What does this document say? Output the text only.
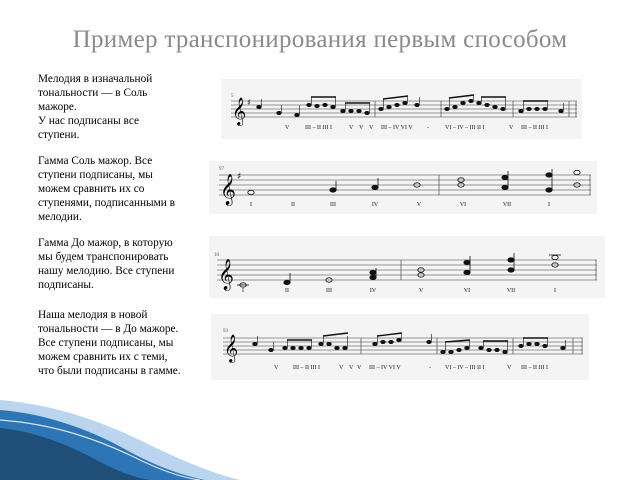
Пример транспонирования первым способом
Мелодия в изначальной
тональности — в Соль
мажоре.
У нас подписаны все
ступени.
Гамма Соль мажор. Все
ступени подписаны, мы
можем сравнить их со
ступенями, подписанными в
мелодии.
Гамма До мажор, в которую
мы будем транспонировать
нашу мелодию. Все ступени
подписаны.
Наша мелодия в новой
тональности — в До мажоре.
Все ступени подписаны, мы
можем сравнить их с теми,
что были подписаны в гамме.
5
𝄞 ♯
V	III – II III I	V V V III – IV VI V -	VI – IV – III II I	V III – II III I
97
𝄞 ♯
I	II	III	IV	V	VI	VII	I
10
𝄞
I	II	III	IV	V	VI	VII	I
93
𝄞
V III – II III I	V V V III – IV VI V	- VI – IV – III II I	V III – II III I
